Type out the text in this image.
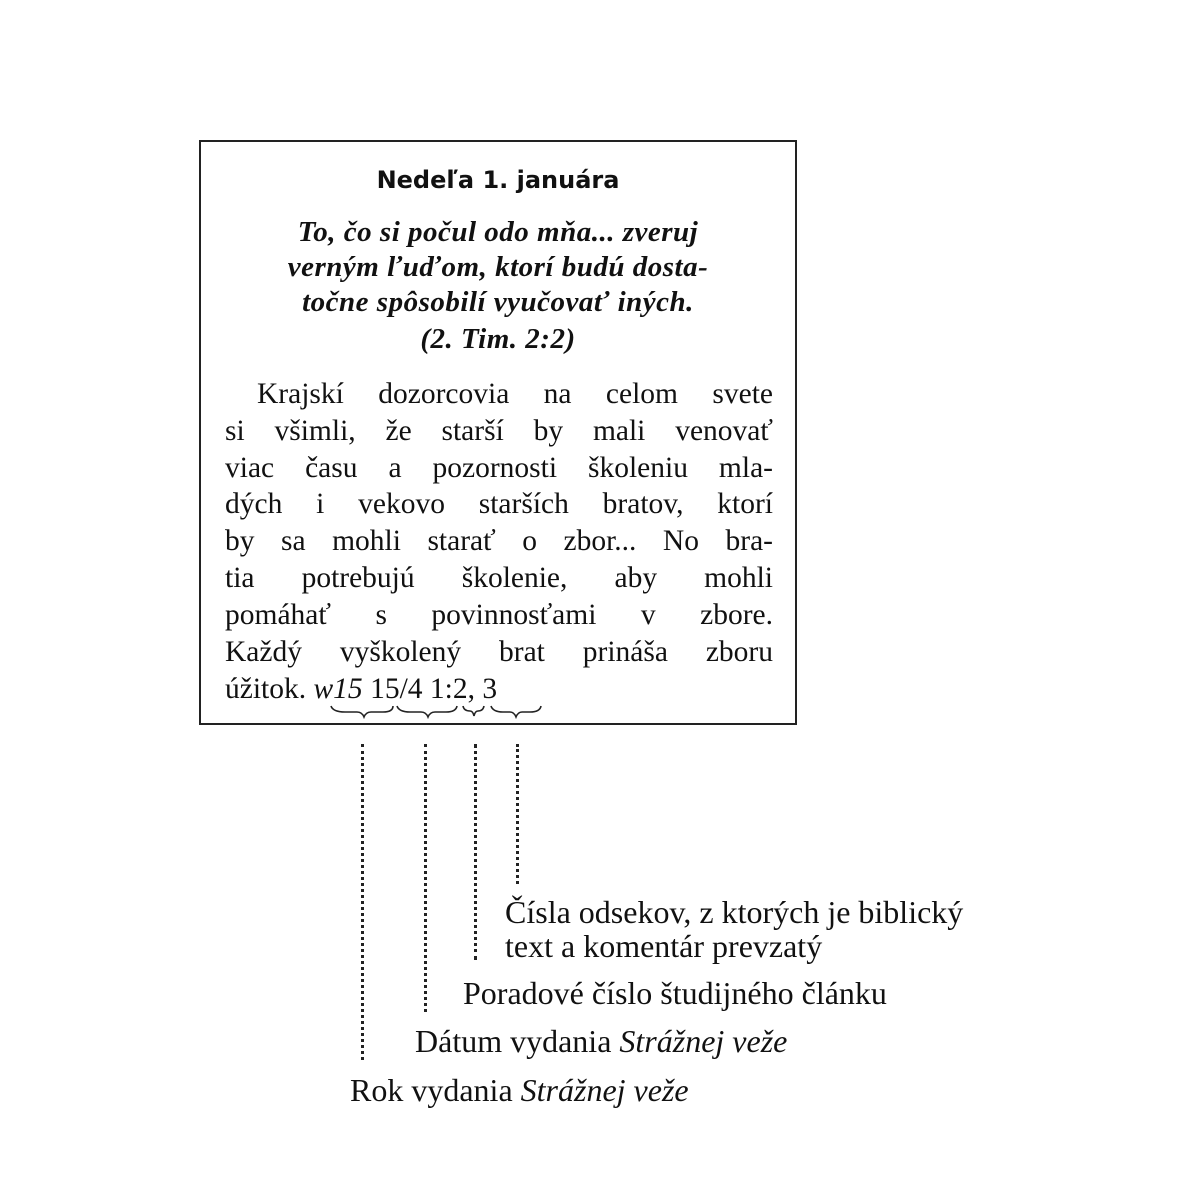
Nedeľa 1. januára
To, čo si počul odo mňa... zveruj
verným ľuďom, ktorí budú dosta-
točne spôsobilí vyučovať iných.
(2. Tim. 2:2)
Krajskí dozorcovia na celom svete
si všimli, že starší by mali venovať
viac času a pozornosti školeniu mla-
dých i vekovo starších bratov, ktorí
by sa mohli starať o zbor... No bra-
tia potrebujú školenie, aby mohli
pomáhať s povinnosťami v zbore.
Každý vyškolený brat prináša zboru
úžitok. w15 15/4 1:2, 3
Čísla odsekov, z ktorých je biblický
text a komentár prevzatý
Poradové číslo študijného článku
Dátum vydania Strážnej veže
Rok vydania Strážnej veže
